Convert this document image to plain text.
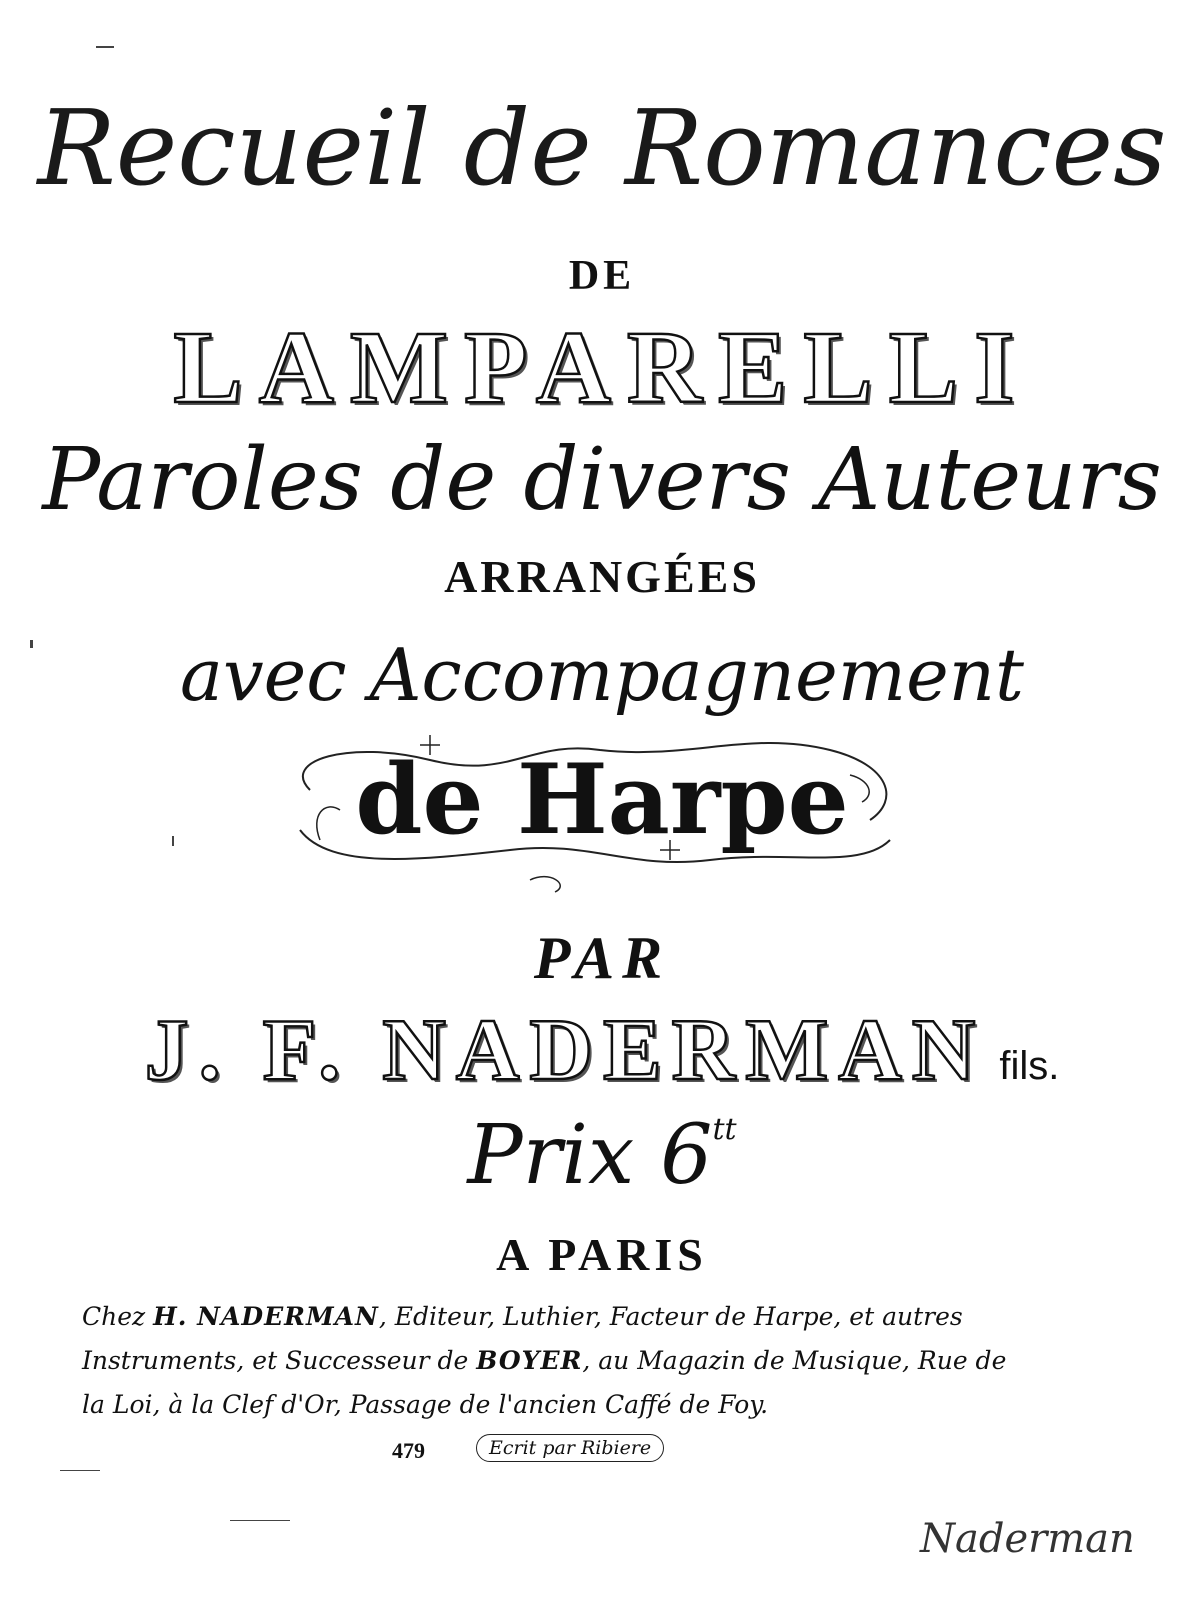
Recueil de Romances
DE
LAMPARELLI
Paroles de divers Auteurs
ARRANGÉES
avec Accompagnement
de Harpe
PAR
J. F. NADERMAN fils.
Prix 6tt
A PARIS
Chez H. NADERMAN, Editeur, Luthier, Facteur de Harpe, et autres
Instruments, et Successeur de BOYER, au Magazin de Musique, Rue de
la Loi, à la Clef d'Or, Passage de l'ancien Caffé de Foy.
479	Ecrit par Ribiere
Naderman
